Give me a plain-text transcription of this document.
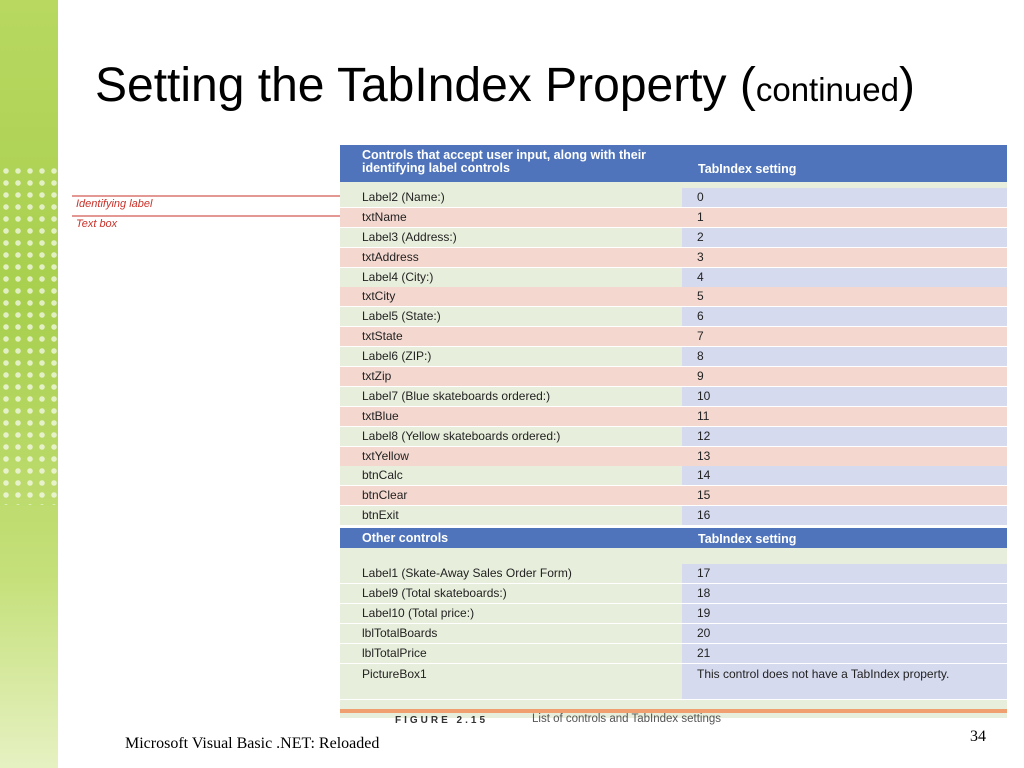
Setting the TabIndex Property (continued)
Identifying label
Text box
Controls that accept user input, along with their identifying label controls	TabIndex setting
Label2 (Name:)	0
txtName	1
Label3 (Address:)	2
txtAddress	3
Label4 (City:)	4
txtCity	5
Label5 (State:)	6
txtState	7
Label6 (ZIP:)	8
txtZip	9
Label7 (Blue skateboards ordered:)	10
txtBlue	11
Label8 (Yellow skateboards ordered:)	12
txtYellow	13
btnCalc	14
btnClear	15
btnExit	16
Other controls	TabIndex setting
Label1 (Skate-Away Sales Order Form)	17
Label9 (Total skateboards:)	18
Label10 (Total price:)	19
lblTotalBoards	20
lblTotalPrice	21
PictureBox1	This control does not have a TabIndex property.
FIGURE 2.15	List of controls and TabIndex settings
Microsoft Visual Basic .NET: Reloaded	34
